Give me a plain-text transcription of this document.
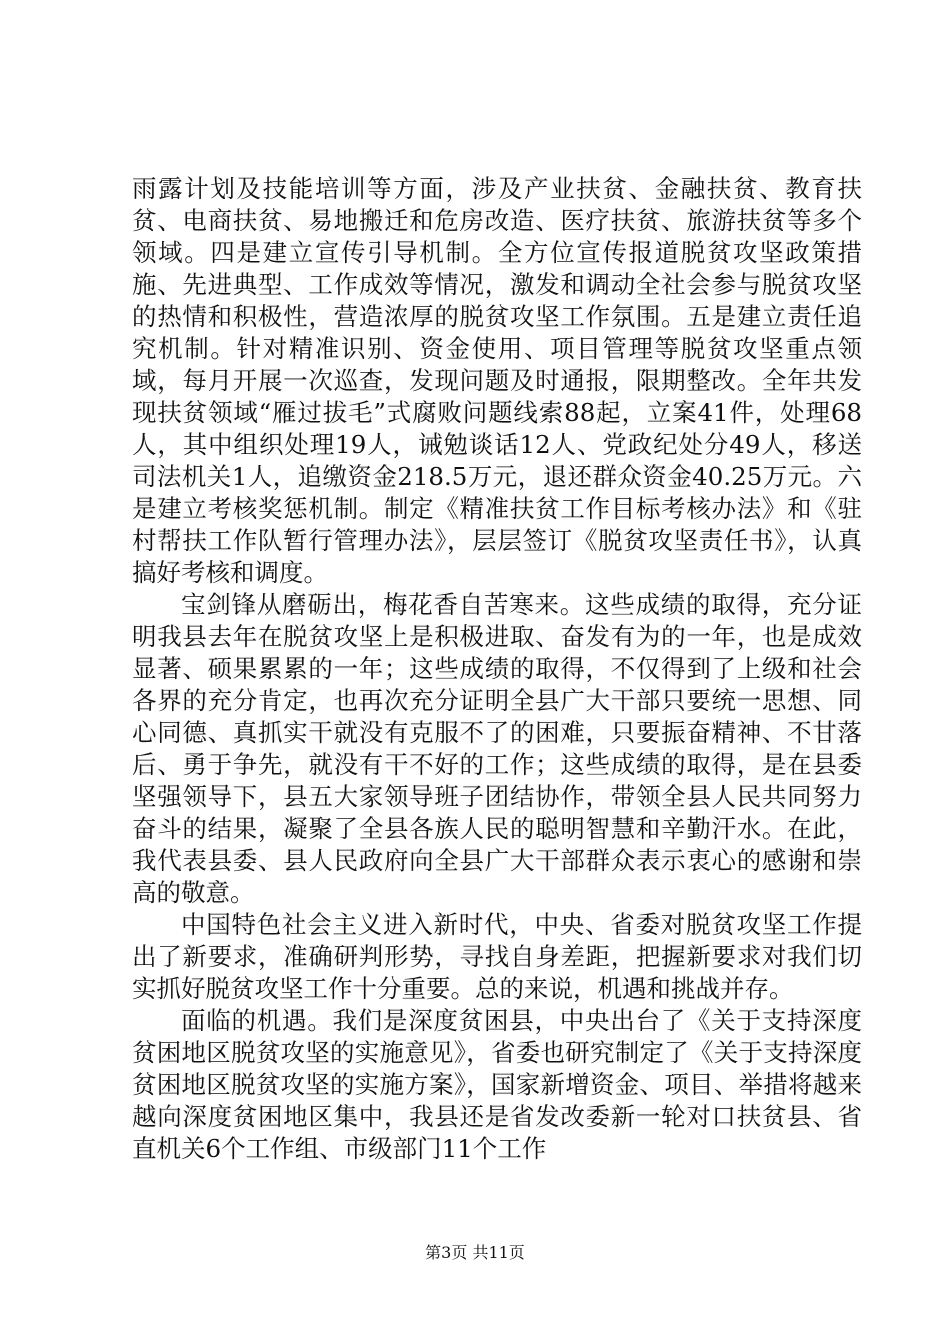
雨露计划及技能培训等方面，涉及产业扶贫、金融扶贫、教育扶贫、电商扶贫、易地搬迁和危房改造、医疗扶贫、旅游扶贫等多个领域。四是建立宣传引导机制。全方位宣传报道脱贫攻坚政策措施、先进典型、工作成效等情况，激发和调动全社会参与脱贫攻坚的热情和积极性，营造浓厚的脱贫攻坚工作氛围。五是建立责任追究机制。针对精准识别、资金使用、项目管理等脱贫攻坚重点领域，每月开展一次巡查，发现问题及时通报，限期整改。全年共发现扶贫领域“雁过拔毛”式腐败问题线索88起，立案41件，处理68人，其中组织处理19人，诫勉谈话12人、党政纪处分49人，移送司法机关1人，追缴资金218.5万元，退还群众资金40.25万元。六是建立考核奖惩机制。制定《精准扶贫工作目标考核办法》和《驻村帮扶工作队暂行管理办法》，层层签订《脱贫攻坚责任书》，认真搞好考核和调度。

宝剑锋从磨砺出，梅花香自苦寒来。这些成绩的取得，充分证明我县去年在脱贫攻坚上是积极进取、奋发有为的一年，也是成效显著、硕果累累的一年；这些成绩的取得，不仅得到了上级和社会各界的充分肯定，也再次充分证明全县广大干部只要统一思想、同心同德、真抓实干就没有克服不了的困难，只要振奋精神、不甘落后、勇于争先，就没有干不好的工作；这些成绩的取得，是在县委坚强领导下，县五大家领导班子团结协作，带领全县人民共同努力奋斗的结果，凝聚了全县各族人民的聪明智慧和辛勤汗水。在此，我代表县委、县人民政府向全县广大干部群众表示衷心的感谢和崇高的敬意。

中国特色社会主义进入新时代，中央、省委对脱贫攻坚工作提出了新要求，准确研判形势，寻找自身差距，把握新要求对我们切实抓好脱贫攻坚工作十分重要。总的来说，机遇和挑战并存。

面临的机遇。我们是深度贫困县，中央出台了《关于支持深度贫困地区脱贫攻坚的实施意见》，省委也研究制定了《关于支持深度贫困地区脱贫攻坚的实施方案》，国家新增资金、项目、举措将越来越向深度贫困地区集中，我县还是省发改委新一轮对口扶贫县、省直机关6个工作组、市级部门11个工作

第3页 共11页
